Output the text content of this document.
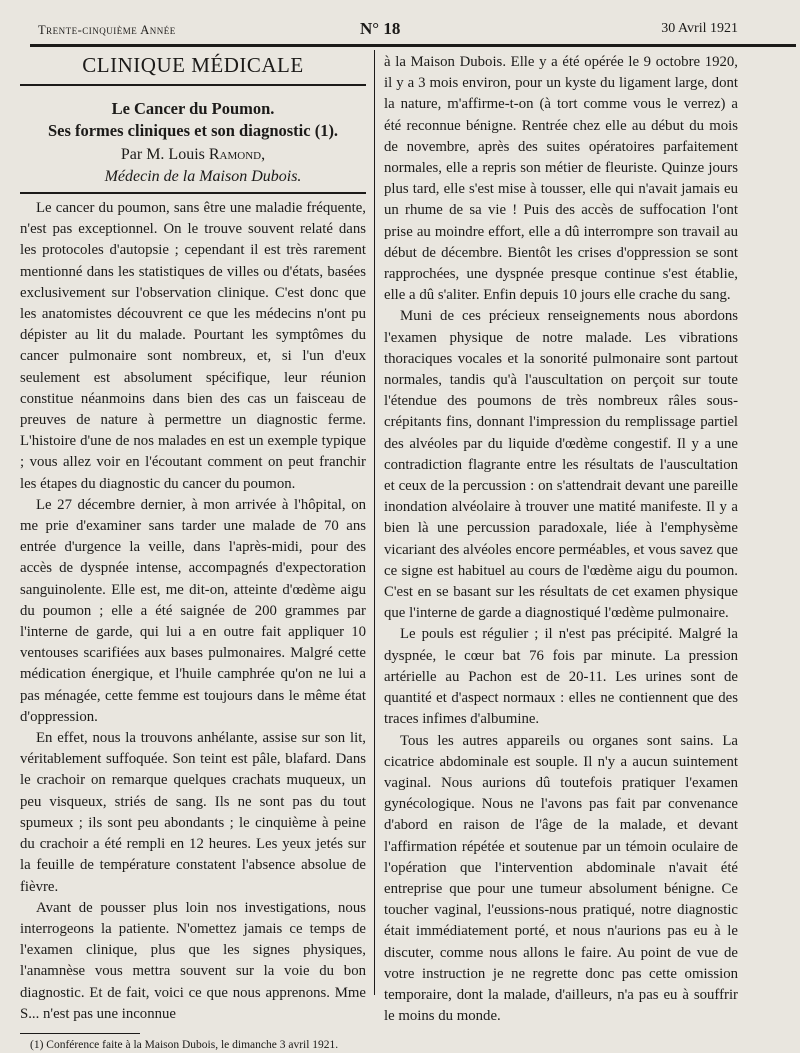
Trente-cinquième Année	N° 18	30 Avril 1921
CLINIQUE MÉDICALE

Le Cancer du Poumon.

Ses formes cliniques et son diagnostic (1).

Par M. Louis Ramond,

Médecin de la Maison Dubois.

Le cancer du poumon, sans être une maladie fréquente, n'est pas exceptionnel. On le trouve souvent relaté dans les protocoles d'autopsie ; cependant il est très rarement mentionné dans les statistiques de villes ou d'états, basées exclusivement sur l'observation clinique. C'est donc que les anatomistes découvrent ce que les médecins n'ont pu dépister au lit du malade. Pourtant les symptômes du cancer pulmonaire sont nombreux, et, si l'un d'eux seulement est absolument spécifique, leur réunion constitue néanmoins dans bien des cas un faisceau de preuves de nature à permettre un diagnostic ferme. L'histoire d'une de nos malades en est un exemple typique ; vous allez voir en l'écoutant comment on peut franchir les étapes du diagnostic du cancer du poumon.

Le 27 décembre dernier, à mon arrivée à l'hôpital, on me prie d'examiner sans tarder une malade de 70 ans entrée d'urgence la veille, dans l'après-midi, pour des accès de dyspnée intense, accompagnés d'expectoration sanguinolente. Elle est, me dit-on, atteinte d'œdème aigu du poumon ; elle a été saignée de 200 grammes par l'interne de garde, qui lui a en outre fait appliquer 10 ventouses scarifiées aux bases pulmonaires. Malgré cette médication énergique, et l'huile camphrée qu'on ne lui a pas ménagée, cette femme est toujours dans le même état d'oppression.

En effet, nous la trouvons anhélante, assise sur son lit, véritablement suffoquée. Son teint est pâle, blafard. Dans le crachoir on remarque quelques crachats muqueux, un peu visqueux, striés de sang. Ils ne sont pas du tout spumeux ; ils sont peu abondants ; le cinquième à peine du crachoir a été rempli en 12 heures. Les yeux jetés sur la feuille de température constatent l'absence absolue de fièvre.

Avant de pousser plus loin nos investigations, nous interrogeons la patiente. N'omettez jamais ce temps de l'examen clinique, plus que les signes physiques, l'anamnèse vous mettra souvent sur la voie du bon diagnostic. Et de fait, voici ce que nous apprenons. Mme S... n'est pas une inconnue

(1) Conférence faite à la Maison Dubois, le dimanche 3 avril 1921.

à la Maison Dubois. Elle y a été opérée le 9 octobre 1920, il y a 3 mois environ, pour un kyste du ligament large, dont la nature, m'affirme-t-on (à tort comme vous le verrez) a été reconnue bénigne. Rentrée chez elle au début du mois de novembre, après des suites opératoires parfaitement normales, elle a repris son métier de fleuriste. Quinze jours plus tard, elle s'est mise à tousser, elle qui n'avait jamais eu un rhume de sa vie ! Puis des accès de suffocation l'ont prise au moindre effort, elle a dû interrompre son travail au début de décembre. Bientôt les crises d'oppression se sont rapprochées, une dyspnée presque continue s'est établie, elle a dû s'aliter. Enfin depuis 10 jours elle crache du sang.

Muni de ces précieux renseignements nous abordons l'examen physique de notre malade. Les vibrations thoraciques vocales et la sonorité pulmonaire sont partout normales, tandis qu'à l'auscultation on perçoit sur toute l'étendue des poumons de très nombreux râles sous-crépitants fins, donnant l'impression du remplissage partiel des alvéoles par du liquide d'œdème congestif. Il y a une contradiction flagrante entre les résultats de l'auscultation et ceux de la percussion : on s'attendrait devant une pareille inondation alvéolaire à trouver une matité manifeste. Il y a bien là une percussion paradoxale, liée à l'emphysème vicariant des alvéoles encore perméables, et vous savez que ce signe est habituel au cours de l'œdème aigu du poumon. C'est en se basant sur les résultats de cet examen physique que l'interne de garde a diagnostiqué l'œdème pulmonaire.

Le pouls est régulier ; il n'est pas précipité. Malgré la dyspnée, le cœur bat 76 fois par minute. La pression artérielle au Pachon est de 20-11. Les urines sont de quantité et d'aspect normaux : elles ne contiennent que des traces infimes d'albumine.

Tous les autres appareils ou organes sont sains. La cicatrice abdominale est souple. Il n'y a aucun suintement vaginal. Nous aurions dû toutefois pratiquer l'examen gynécologique. Nous ne l'avons pas fait par convenance d'abord en raison de l'âge de la malade, et devant l'affirmation répétée et soutenue par un témoin oculaire de l'opération que l'intervention abdominale n'avait été entreprise que pour une tumeur absolument bénigne. Ce toucher vaginal, l'eussions-nous pratiqué, notre diagnostic était immédiatement porté, et nous n'aurions pas eu à le discuter, comme nous allons le faire. Au point de vue de votre instruction je ne regrette donc pas cette omission temporaire, dont la malade, d'ailleurs, n'a pas eu à souffrir le moins du monde.
